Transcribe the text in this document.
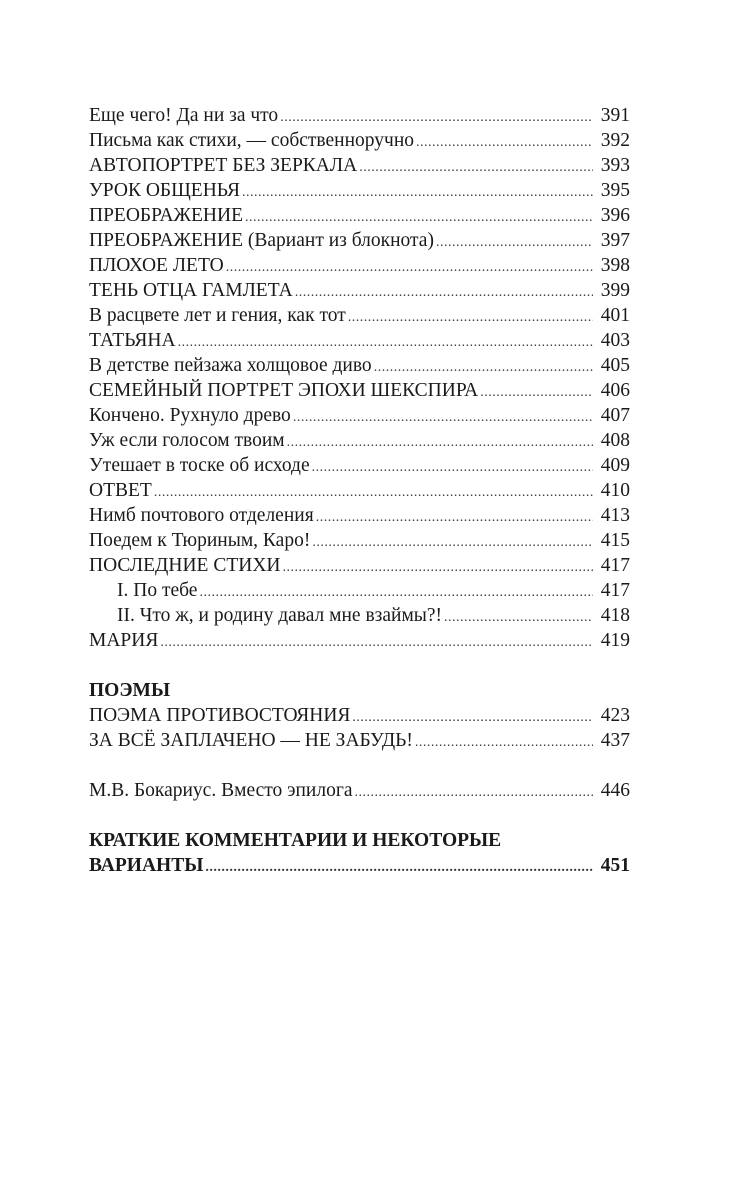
Еще чего! Да ни за что .....	391
Письма как стихи, — собственноручно .....	392
АВТОПОРТРЕТ БЕЗ ЗЕРКАЛА .....	393
УРОК ОБЩЕНЬЯ .....	395
ПРЕОБРАЖЕНИЕ .....	396
ПРЕОБРАЖЕНИЕ (Вариант из блокнота) .....	397
ПЛОХОЕ ЛЕТО .....	398
ТЕНЬ ОТЦА ГАМЛЕТА .....	399
В расцвете лет и гения, как тот .....	401
ТАТЬЯНА .....	403
В детстве пейзажа холщовое диво .....	405
СЕМЕЙНЫЙ ПОРТРЕТ ЭПОХИ ШЕКСПИРА .....	406
Кончено. Рухнуло древо .....	407
Уж если голосом твоим .....	408
Утешает в тоске об исходе .....	409
ОТВЕТ .....	410
Нимб почтового отделения .....	413
Поедем к Тюриным, Каро! .....	415
ПОСЛЕДНИЕ СТИХИ .....	417
I. По тебе .....	417
II. Что ж, и родину давал мне взаймы?! .....	418
МАРИЯ .....	419
ПОЭМЫ
ПОЭМА ПРОТИВОСТОЯНИЯ .....	423
ЗА ВСЁ ЗАПЛАЧЕНО — НЕ ЗАБУДЬ! .....	437
М.В. Бокариус. Вместо эпилога .....	446
КРАТКИЕ КОММЕНТАРИИ И НЕКОТОРЫЕ
ВАРИАНТЫ .....	451
